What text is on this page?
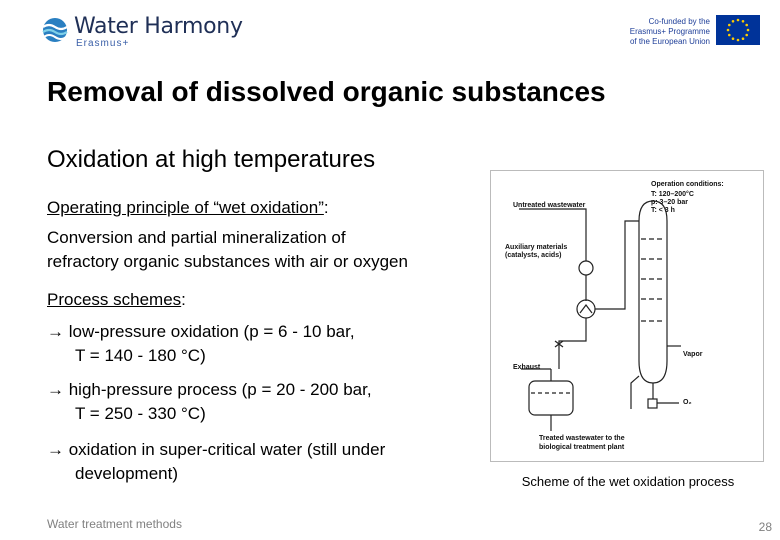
Water Harmony
Erasmus+
Co-funded by the
Erasmus+ Programme
of the European Union
Removal of dissolved organic substances
Oxidation at high temperatures
Operating principle of “wet oxidation”:
Conversion and partial mineralization of
refractory organic substances with air or oxygen
Process schemes:
→ low-pressure oxidation (p = 6 - 10 bar,
T = 140 - 180 °C)
→ high-pressure process (p = 20 - 200 bar,
T = 250 - 330 °C)
→ oxidation in super-critical water (still under
development)
Operation conditions:
T: 120–200°C
p: 3–20 bar
T: < 3 h
Untreated wastewater
Auxiliary materials
(catalysts, acids)
Vapor
Exhaust
O₂
Treated wastewater to the
biological treatment plant
Scheme of the wet oxidation process
Water treatment methods	28
